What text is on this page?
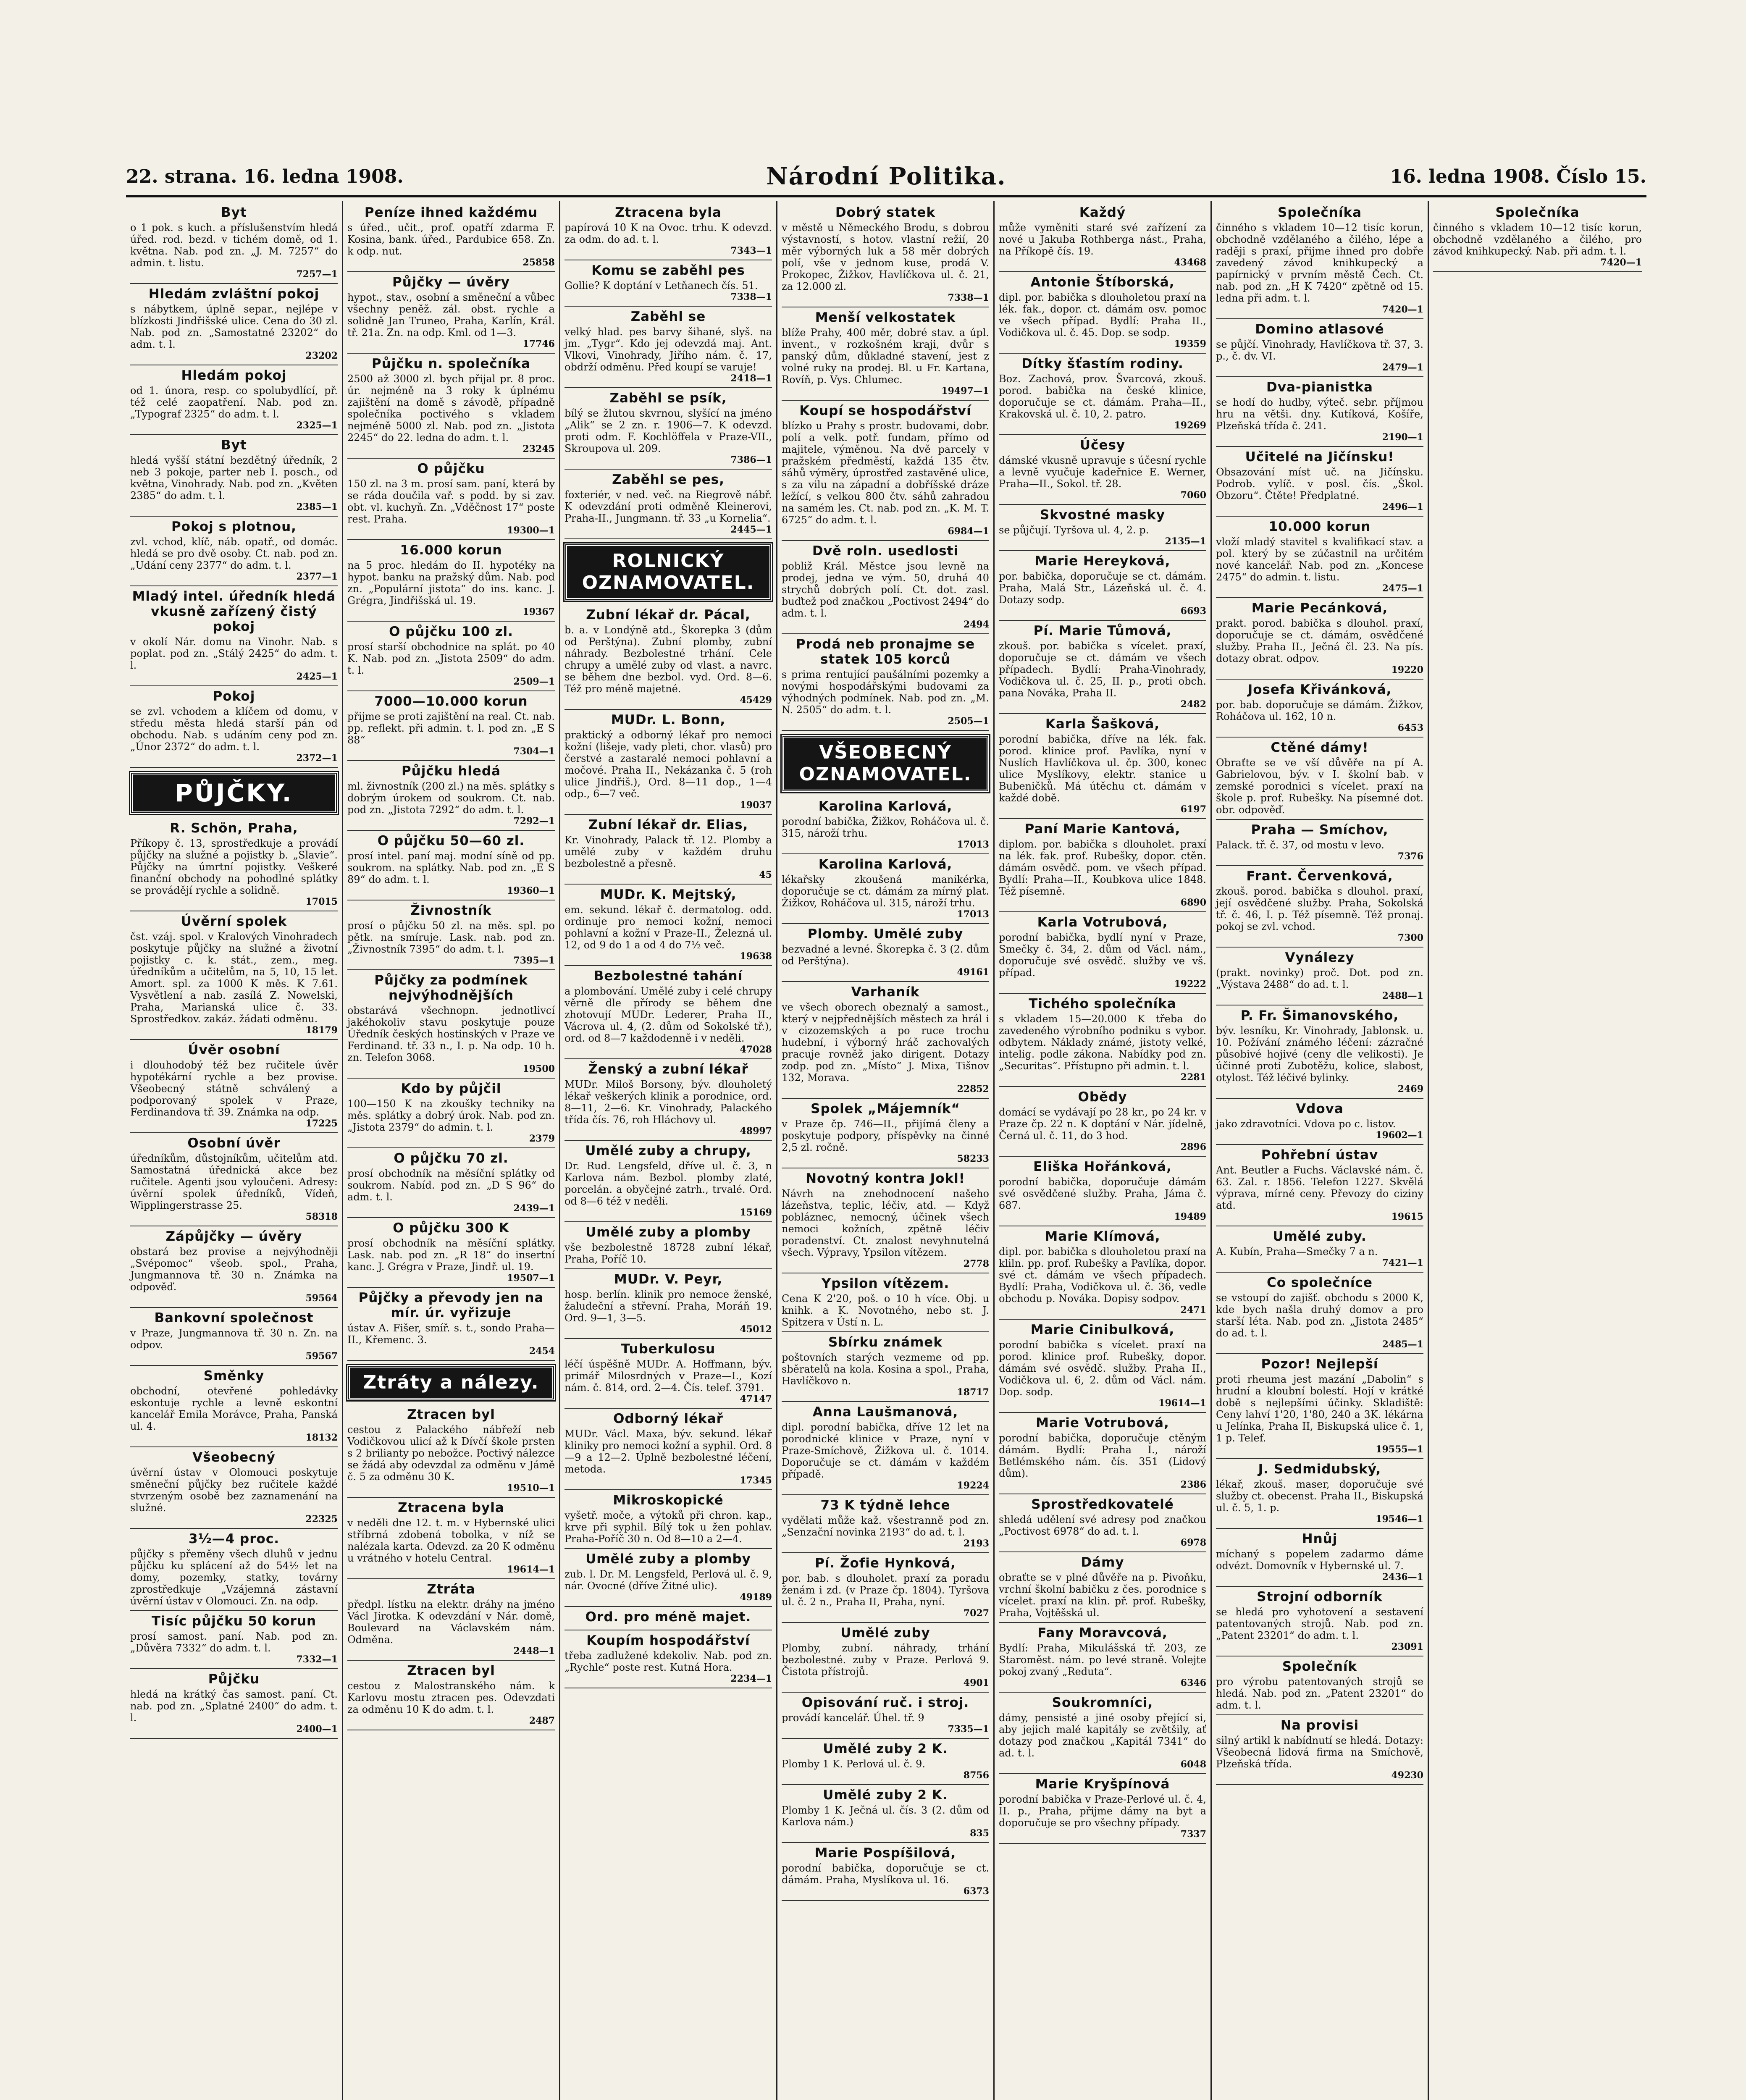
22. strana. 16. ledna 1908.	Národní Politika.	16. ledna 1908. Číslo 15.
Byt

o 1 pok. s kuch. a příslušenstvím hledá úřed. rod. bezd. v tichém domě, od 1. května. Nab. pod zn. „J. M. 7257“ do admin. t. listu.

7257—1
Hledám zvláštní pokoj

s nábytkem, úplně separ., nejlépe v blízkosti Jindřišské ulice. Cena do 30 zl. Nab. pod zn. „Samostatné 23202“ do adm. t. l.

23202
Hledám pokoj

od 1. února, resp. co spolubydlící, př. též celé zaopatření. Nab. pod zn. „Typograf 2325“ do adm. t. l.

2325—1
Byt

hledá vyšší státní bezdětný úředník, 2 neb 3 pokoje, parter neb I. posch., od května, Vinohrady. Nab. pod zn. „Květen 2385“ do adm. t. l.

2385—1
Pokoj s plotnou,

zvl. vchod, klíč, náb. opatř., od domác. hledá se pro dvě osoby. Ct. nab. pod zn. „Udání ceny 2377“ do adm. t. l.

2377—1
Mladý intel. úředník hledá vkusně zařízený čistý pokoj

v okolí Nár. domu na Vinohr. Nab. s poplat. pod zn. „Stálý 2425“ do adm. t. l.

2425—1
Pokoj

se zvl. vchodem a klíčem od domu, v středu města hledá starší pán od obchodu. Nab. s udáním ceny pod zn. „Únor 2372“ do adm. t. l.

2372—1
PŮJČKY.
R. Schön, Praha,

Příkopy č. 13, sprostředkuje a provádí půjčky na služné a pojistky b. „Slavie“. Půjčky na úmrtní pojistky. Veškeré finanční obchody na pohodlné splátky se provádějí rychle a solidně.

17015
Úvěrní spolek

čst. vzáj. spol. v Kralových Vinohradech poskytuje půjčky na služné a životní pojistky c. k. stát., zem., meg. úředníkům a učitelům, na 5, 10, 15 let. Amort. spl. za 1000 K měs. K 7.61. Vysvětlení a nab. zasílá Z. Nowelski, Praha, Marianská ulice č. 33. Sprostředkov. zakáz. žádati odměnu.

18179
Úvěr osobní

i dlouhodobý též bez ručitele úvěr hypotékární rychle a bez provise. Všeobecný státně schválený a podporovaný spolek v Praze, Ferdinandova tř. 39. Známka na odp.

17225
Osobní úvěr

úředníkům, důstojníkům, učitelům atd. Samostatná úřednická akce bez ručitele. Agenti jsou vyloučeni. Adresy: úvěrní spolek úředníků, Vídeň, Wipplingerstrasse 25.

58318
Zápůjčky — úvěry

obstará bez provise a nejvýhodněji „Svépomoc“ všeob. spol., Praha, Jungmannova tř. 30 n. Známka na odpověď.

59564
Bankovní společnost

v Praze, Jungmannova tř. 30 n. Zn. na odpov.

59567
Směnky

obchodní, otevřené pohledávky eskontuje rychle a levně eskontní kancelář Emila Morávce, Praha, Panská ul. 4.

18132
Všeobecný

úvěrní ústav v Olomouci poskytuje směneční půjčky bez ručitele každé stvrzeným osobě bez zaznamenání na služné.

22325
3½—4 proc.

půjčky s přeměny všech dluhů v jednu půjčku ku splácení až do 54½ let na domy, pozemky, statky, továrny zprostředkuje „Vzájemná zástavní úvěrní ústav v Olomouci. Zn. na odp.

Tisíc půjčku 50 korun

prosí samost. paní. Nab. pod zn. „Důvěra 7332“ do adm. t. l.

7332—1
Půjčku

hledá na krátký čas samost. paní. Ct. nab. pod zn. „Splatné 2400“ do adm. t. l.

2400—1
Peníze ihned každému

s úřed., učit., prof. opatří zdarma F. Kosina, bank. úřed., Pardubice 658. Zn. k odp. nut.

25858
Půjčky — úvěry

hypot., stav., osobní a směneční a vůbec všechny peněž. zál. obst. rychle a solidně Jan Truneo, Praha, Karlín, Král. tř. 21a. Zn. na odp. Kml. od 1—3.

17746
Půjčku n. společníka

2500 až 3000 zl. bych přijal pr. 8 proc. úr. nejméně na 3 roky k úplnému zajištění na domě s závodě, případně společníka poctivého s vkladem nejméně 5000 zl. Nab. pod zn. „Jistota 2245“ do 22. ledna do adm. t. l.

23245
O půjčku

150 zl. na 3 m. prosí sam. paní, která by se ráda doučila vař. s podd. by si zav. obt. vl. kuchyň. Zn. „Vděčnost 17“ poste rest. Praha.

19300—1
16.000 korun

na 5 proc. hledám do II. hypotéky na hypot. banku na pražský dům. Nab. pod zn. „Populární jistota“ do ins. kanc. J. Grégra, Jindřišská ul. 19.

19367
O půjčku 100 zl.

prosí starší obchodnice na splát. po 40 K. Nab. pod zn. „Jistota 2509“ do adm. t. l.

2509—1
7000—10.000 korun

přijme se proti zajištění na real. Ct. nab. pp. reflekt. při admin. t. l. pod zn. „E S 88“

7304—1
Půjčku hledá

ml. živnostník (200 zl.) na měs. splátky s dobrým úrokem od soukrom. Ct. nab. pod zn. „Jistota 7292“ do adm. t. l.

7292—1
O půjčku 50—60 zl.

prosí intel. paní maj. modní síně od pp. soukrom. na splátky. Nab. pod zn. „E S 89“ do adm. t. l.

19360—1
Živnostník

prosí o půjčku 50 zl. na měs. spl. po pětk. na smíruje. Lask. nab. pod zn. „Živnostník 7395“ do adm. t. l.

7395—1
Půjčky za podmínek nejvýhodnějších

obstarává všechnopn. jednotlivcí jakéhokoliv stavu poskytuje pouze Úředník českých hostinských v Praze ve Ferdinand. tř. 33 n., I. p. Na odp. 10 h. zn. Telefon 3068.

19500
Kdo by půjčil

100—150 K na zkoušky techniky na měs. splátky a dobrý úrok. Nab. pod zn. „Jistota 2379“ do admin. t. l.

2379
O půjčku 70 zl.

prosí obchodník na měsíční splátky od soukrom. Nabíd. pod zn. „D S 96“ do adm. t. l.

2439—1
O půjčku 300 K

prosí obchodník na měsíční splátky. Lask. nab. pod zn. „R 18“ do insertní kanc. J. Grégra v Praze, Jindř. ul. 19.

19507—1
Půjčky a převody jen na mír. úr. vyřizuje

ústav A. Fišer, smíř. s. t., sondo Praha—II., Křemenc. 3.

2454
Ztráty a nálezy.
Ztracen byl

cestou z Palackého nábřeží neb Vodičkovou ulicí až k Dívčí škole prsten s 2 brilianty po nebožce. Poctivý nálezce se žádá aby odevzdal za odměnu v Jámě č. 5 za odměnu 30 K.

19510—1
Ztracena byla

v neděli dne 12. t. m. v Hybernské ulici stříbrná zdobená tobolka, v níž se nalézala karta. Odevzd. za 20 K odměnu u vrátného v hotelu Central.

19614—1
Ztráta

předpl. lístku na elektr. dráhy na jméno Václ Jirotka. K odevzdání v Nár. domě, Boulevard na Václavském nám. Odměna.

2448—1
Ztracen byl

cestou z Malostranského nám. k Karlovu mostu ztracen pes. Odevzdati za odměnu 10 K do adm. t. l.

2487
Ztracena byla

papírová 10 K na Ovoc. trhu. K odevzd. za odm. do ad. t. l.

7343—1
Komu se zaběhl pes

Gollie? K doptání v Letňanech čís. 51.

7338—1
Zaběhl se

velký hlad. pes barvy šihané, slyš. na jm. „Tygr“. Kdo jej odevzdá maj. Ant. Vlkovi, Vinohrady, Jiřího nám. č. 17, obdrží odměnu. Před koupí se varuje!

2418—1
Zaběhl se psík,

bílý se žlutou skvrnou, slyšící na jméno „Alik“ se 2 zn. r. 1906—7. K odevzd. proti odm. F. Kochlöffela v Praze-VII., Skroupova ul. 209.

7386—1
Zaběhl se pes,

foxteriér, v ned. več. na Riegrově nábř. K odevzdání proti odměně Kleinerovi, Praha-II., Jungmann. tř. 33 „u Kornelia“.

2445—1
ROLNICKÝ OZNAMOVATEL.
Zubní lékař dr. Pácal,

b. a. v Londýně atd., Škorepka 3 (dům od Perštýna). Zubní plomby, zubní náhrady. Bezbolestné trhání. Cele chrupy a umělé zuby od vlast. a navrc. se během dne bezbol. vyd. Ord. 8—6. Též pro méně majetné.

45429
MUDr. L. Bonn,

praktický a odborný lékař pro nemoci kožní (lišeje, vady pleti, chor. vlasů) pro čerstvé a zastaralé nemoci pohlavní a močové. Praha II., Nekázanka č. 5 (roh ulice Jindřiš.), Ord. 8—11 dop., 1—4 odp., 6—7 več.

19037
Zubní lékař dr. Elias,

Kr. Vinohrady, Palack tř. 12. Plomby a umělé zuby v každém druhu bezbolestně a přesně.

45
MUDr. K. Mejtský,

em. sekund. lékař č. dermatolog. odd. ordinuje pro nemoci kožní, nemoci pohlavní a kožní v Praze-II., Železná ul. 12, od 9 do 1 a od 4 do 7½ več.

19638
Bezbolestné tahání

a plombování. Umělé zuby i celé chrupy věrně dle přírody se během dne zhotovují MUDr. Lederer, Praha II., Vácrova ul. 4, (2. dům od Sokolské tř.), ord. od 8—7 každodenně i v neděli.

47028
Ženský a zubní lékař

MUDr. Miloš Borsony, býv. dlouholetý lékař veškerých klinik a porodnice, ord. 8—11, 2—6. Kr. Vinohrady, Palackého třída čís. 76, roh Hláchovy ul.

48997
Umělé zuby a chrupy,

Dr. Rud. Lengsfeld, dříve ul. č. 3, n Karlova nám. Bezbol. plomby zlaté, porcelán. a obyčejné zatrh., trvalé. Ord. od 8—6 též v neděli.

15169
Umělé zuby a plomby

vše bezbolestně 18728 zubní lékař, Praha, Poříč 10.

MUDr. V. Peyr,

hosp. berlín. klinik pro nemoce ženské, žaludeční a střevní. Praha, Moráň 19. Ord. 9—1, 3—5.

45012
Tuberkulosu

léčí úspěšně MUDr. A. Hoffmann, býv. primář Milosrdných v Praze—I., Kozí nám. č. 814, ord. 2—4. Čís. telef. 3791.

47147
Odborný lékař

MUDr. Václ. Maxa, býv. sekund. lékař kliniky pro nemoci kožní a syphil. Ord. 8—9 a 12—2. Úplně bezbolestné léčení, metoda.

17345
Mikroskopické

vyšetř. moče, a výtoků při chron. kap., krve při syphil. Bílý tok u žen pohlav. Praha-Poříč 30 n. Od 8—10 a 2—4.

Umělé zuby a plomby

zub. l. Dr. M. Lengsfeld, Perlová ul. č. 9, nár. Ovocné (dříve Žitné ulic).

49189
Ord. pro méně majet.
Koupím hospodářství

třeba zadlužené kdekoliv. Nab. pod zn. „Rychle“ poste rest. Kutná Hora.

2234—1
Dobrý statek

v městě u Německého Brodu, s dobrou výstavností, s hotov. vlastní režií, 20 měr výborných luk a 58 měr dobrých polí, vše v jednom kuse, prodá V. Prokopec, Žižkov, Havlíčkova ul. č. 21, za 12.000 zl.

7338—1
Menší velkostatek

blíže Prahy, 400 měr, dobré stav. a úpl. invent., v rozkošném kraji, dvůr s panský dům, důkladné stavení, jest z volné ruky na prodej. Bl. u Fr. Kartana, Rovíň, p. Vys. Chlumec.

19497—1
Koupí se hospodářství

blízko u Prahy s prostr. budovami, dobr. polí a velk. potř. fundam, přímo od majitele, výměnou. Na dvě parcely v pražském předměstí, každá 135 čtv. sáhů výměry, úprostřed zastavěné ulice, s za vilu na západní a dobříšské dráze ležící, s velkou 800 čtv. sáhů zahradou na samém les. Ct. nab. pod zn. „K. M. T. 6725“ do adm. t. l.

6984—1
Dvě roln. usedlosti

pobliž Král. Městce jsou levně na prodej, jedna ve vým. 50, druhá 40 strychů dobrých polí. Ct. dot. zasl. buďtež pod značkou „Poctivost 2494“ do adm. t. l.

2494
Prodá neb pronajme se statek 105 korců

s prima rentující paušálními pozemky a novými hospodářskými budovami za výhodných podmínek. Nab. pod zn. „M. N. 2505“ do adm. t. l.

2505—1
VŠEOBECNÝ OZNAMOVATEL.
Karolina Karlová,

porodní babička, Žižkov, Roháčova ul. č. 315, nároží trhu.

17013
Karolina Karlová,

lékařsky zkoušená manikérka, doporučuje se ct. dámám za mírný plat. Žižkov, Roháčova ul. 315, nároží trhu.

17013
Plomby. Umělé zuby

bezvadné a levné. Škorepka č. 3 (2. dům od Perštýna).

49161
Varhaník

ve všech oborech obeznalý a samost., který v nejpřednějších městech za hrál i v cizozemských a po ruce trochu hudební, i výborný hráč zachovalých pracuje rovněž jako dirigent. Dotazy zodp. pod zn. „Místo“ J. Mixa, Tišnov 132, Morava.

22852
Spolek „Májemník“

v Praze čp. 746—II., přijímá členy a poskytuje podpory, příspěvky na činné 2,5 zl. ročně.

58233
Novotný kontra Jokl!

Návrh na znehodnocení našeho lázeňstva, teplic, léčiv, atd. — Když pobláznec, nemocný, účinek všech nemoci kožních, zpětně léčiv poradenství. Ct. znalost nevyhnutelná všech. Výpravy, Ypsilon vítězem.

2778
Ypsilon vítězem.

Cena K 2'20, poš. o 10 h více. Obj. u knihk. a K. Novotného, nebo st. J. Spitzera v Ústí n. L.

Sbírku známek

poštovních starých vezmeme od pp. sběratelů na kola. Kosina a spol., Praha, Havlíčkovo n.

18717
Anna Laušmanová,

dipl. porodní babička, dříve 12 let na porodnické klinice v Praze, nyní v Praze-Smíchově, Žižkova ul. č. 1014. Doporučuje se ct. dámám v každém případě.

19224
73 K týdně lehce

vydělati může kaž. všestranně pod zn. „Senzační novinka 2193“ do ad. t. l.

2193
Pí. Žofie Hynková,

por. bab. s dlouholet. praxí za poradu ženám i zd. (v Praze čp. 1804). Tyršova ul. č. 2 n., Praha II, Praha, nyní.

7027
Umělé zuby

Plomby, zubní. náhrady, trhání bezbolestné. zuby v Praze. Perlová 9. Čistota přístrojů.

4901
Opisování ruč. i stroj.

provádí kancelář. Úhel. tř. 9

7335—1
Umělé zuby 2 K.

Plomby 1 K. Perlová ul. č. 9.

8756
Umělé zuby 2 K.

Plomby 1 K. Ječná ul. čís. 3 (2. dům od Karlova nám.)

835
Marie Pospíšilová,

porodní babička, doporučuje se ct. dámám. Praha, Myslíkova ul. 16.

6373
Každý

může vyměniti staré své zařízení za nové u Jakuba Rothberga nást., Praha, na Příkopě čís. 19.

43468
Antonie Štíborská,

dipl. por. babička s dlouholetou praxí na lék. fak., dopor. ct. dámám osv. pomoc ve všech případ. Bydlí: Praha II., Vodičkova ul. č. 45. Dop. se sodp.

19359
Dítky šťastím rodiny.

Boz. Zachová, prov. Švarcová, zkouš. porod. babička na české klinice, doporučuje se ct. dámám. Praha—II., Krakovská ul. č. 10, 2. patro.

19269
Účesy

dámské vkusně upravuje s účesní rychle a levně vyučuje kadeřnice E. Werner, Praha—II., Sokol. tř. 28.

7060
Skvostné masky

se půjčují. Tyršova ul. 4, 2. p.

2135—1
Marie Hereyková,

por. babička, doporučuje se ct. dámám. Praha, Malá Str., Lázeňská ul. č. 4. Dotazy sodp.

6693
Pí. Marie Tůmová,

zkouš. por. babička s vícelet. praxí, doporučuje se ct. dámám ve všech případech. Bydlí: Praha-Vinohrady, Vodičkova ul. č. 25, II. p., proti obch. pana Nováka, Praha II.

2482
Karla Šašková,

porodní babička, dříve na lék. fak. porod. klinice prof. Pavlíka, nyní v Nuslích Havlíčkova ul. čp. 300, konec ulice Myslíkovy, elektr. stanice u Bubeničků. Má útěchu ct. dámám v každé době.

6197
Paní Marie Kantová,

diplom. por. babička s dlouholet. praxí na lék. fak. prof. Rubešky, dopor. ctěn. dámám osvědč. pom. ve všech případ. Bydlí: Praha—II., Koubkova ulice 1848. Též písemně.

6890
Karla Votrubová,

porodní babička, bydlí nyní v Praze, Smečky č. 34, 2. dům od Václ. nám., doporučuje své osvědč. služby ve vš. případ.

19222
Tichého společníka

s vkladem 15—20.000 K třeba do zavedeného výrobního podniku s vybor. odbytem. Náklady známé, jistoty velké, intelig. podle zákona. Nabídky pod zn. „Securitas“. Přístupno při admin. t. l.

2281
Obědy

domácí se vydávají po 28 kr., po 24 kr. v Praze čp. 22 n. K doptání v Nár. jídelně, Černá ul. č. 11, do 3 hod.

2896
Eliška Hořánková,

porodní babička, doporučuje dámám své osvědčené služby. Praha, Jáma č. 687.

19489
Marie Klímová,

dipl. por. babička s dlouholetou praxí na kliln. pp. prof. Rubešky a Pavlíka, dopor. své ct. dámám ve všech případech. Bydlí: Praha, Vodičkova ul. č. 36, vedle obchodu p. Nováka. Dopisy sodpov.

2471
Marie Cinibulková,

porodní babička s vícelet. praxí na porod. klinice prof. Rubešky, dopor. dámám své osvědč. služby. Praha II., Vodičkova ul. 6, 2. dům od Václ. nám. Dop. sodp.

19614—1
Marie Votrubová,

porodní babička, doporučuje ctěným dámám. Bydlí: Praha I., nároží Betlémského nám. čís. 351 (Lidový dům).

2386
Sprostředkovatelé

shledá udělení své adresy pod značkou „Poctivost 6978“ do ad. t. l.

6978
Dámy

obraťte se v plné důvěře na p. Pivoňku, vrchní školní babičku z čes. porodnice s vícelet. praxí na klin. př. prof. Rubešky, Praha, Vojtěšská ul.

Fany Moravcová,

Bydlí: Praha, Mikulášská tř. 203, ze Staroměst. nám. po levé straně. Volejte pokoj zvaný „Reduta“.

6346
Soukromníci,

dámy, pensisté a jiné osoby přející si, aby jejich malé kapitály se zvětšily, ať dotazy pod značkou „Kapitál 7341“ do ad. t. l.

6048
Marie Kryšpínová

porodní babička v Praze-Perlové ul. č. 4, II. p., Praha, přijme dámy na byt a doporučuje se pro všechny případy.

7337
Společníka

činného s vkladem 10—12 tisíc korun, obchodně vzdělaného a čilého, lépe a raději s praxí, přijme ihned pro dobře zavedený závod knihkupecký a papírnický v prvním městě Čech. Ct. nab. pod zn. „H K 7420“ zpětně od 15. ledna při adm. t. l.

7420—1
Domino atlasové

se půjčí. Vinohrady, Havlíčkova tř. 37, 3. p., č. dv. VI.

2479—1
Dva-pianistka

se hodí do hudby, výteč. sebr. příjmou hru na větši. dny. Kutíková, Košíře, Plzeňská třída č. 241.

2190—1
Učitelé na Jičínsku!

Obsazování míst uč. na Jičínsku. Podrob. vylíč. v posl. čís. „Škol. Obzoru“. Čtěte! Předplatné.

2496—1
10.000 korun

vloží mladý stavitel s kvalifikací stav. a pol. který by se zúčastnil na určitém nové kancelář. Nab. pod zn. „Koncese 2475“ do admin. t. listu.

2475—1
Marie Pecánková,

prakt. porod. babička s dlouhol. praxí, doporučuje se ct. dámám, osvědčené služby. Praha II., Ječná čl. 23. Na pís. dotazy obrat. odpov.

19220
Josefa Křivánková,

por. bab. doporučuje se dámám. Žižkov, Roháčova ul. 162, 10 n.

6453
Ctěné dámy!

Obraťte se ve vší důvěře na pí A. Gabrielovou, býv. v I. školní bab. v zemské porodnici s vícelet. praxí na škole p. prof. Rubešky. Na písemné dot. obr. odpověď.

Praha — Smíchov,

Palack. tř. č. 37, od mostu v levo.

7376
Frant. Červenková,

zkouš. porod. babička s dlouhol. praxí, její osvědčené služby. Praha, Sokolská tř. č. 46, I. p. Též písemně. Též pronaj. pokoj se zvl. vchod.

7300
Vynálezy

(prakt. novinky) proč. Dot. pod zn. „Výstava 2488“ do ad. t. l.

2488—1
P. Fr. Šimanovského,

býv. lesníku, Kr. Vinohrady, Jablonsk. u. 10. Požívání známého léčení: zázračné působivé hojivé (ceny dle velikosti). Je účinné proti Zubotěžu, kolice, slabost, otylost. Též léčivé bylinky.

2469
Vdova

jako zdravotníci. Vdova po c. listov.

19602—1
Pohřební ústav

Ant. Beutler a Fuchs. Václavské nám. č. 63. Zal. r. 1856. Telefon 1227. Skvělá výprava, mírné ceny. Převozy do ciziny atd.

19615
Umělé zuby.

A. Kubín, Praha—Smečky 7 a n.

7421—1
Co společníce

se vstoupí do zajišť. obchodu s 2000 K, kde bych našla druhý domov a pro starší léta. Nab. pod zn. „Jistota 2485“ do ad. t. l.

2485—1
Pozor! Nejlepší

proti rheuma jest mazání „Dabolin“ s hrudní a kloubní bolestí. Hojí v krátké době s nejlepšími účinky. Skladiště: Ceny lahví 1'20, 1'80, 240 a 3K. lékárna u Jelínka, Praha II, Biskupská ulice č. 1, 1 p. Telef.

19555—1
J. Sedmidubský,

lékař, zkouš. maser, doporučuje své služby ct. obecenst. Praha II., Biskupská ul. č. 5, 1. p.

19546—1
Hnůj

míchaný s popelem zadarmo dáme odvézt. Domovník v Hybernské ul. 7.

2436—1
Strojní odborník

se hledá pro vyhotovení a sestavení patentovaných strojů. Nab. pod zn. „Patent 23201“ do adm. t. l.

23091
Společník

pro výrobu patentovaných strojů se hledá. Nab. pod zn. „Patent 23201“ do adm. t. l.

Na provisi

silný artikl k nabídnutí se hledá. Dotazy: Všeobecná lidová firma na Smíchově, Plzeňská třída.

49230
Společníka

činného s vkladem 10—12 tisíc korun, obchodně vzdělaného a čilého, pro závod knihkupecký. Nab. při adm. t. l.

7420—1
